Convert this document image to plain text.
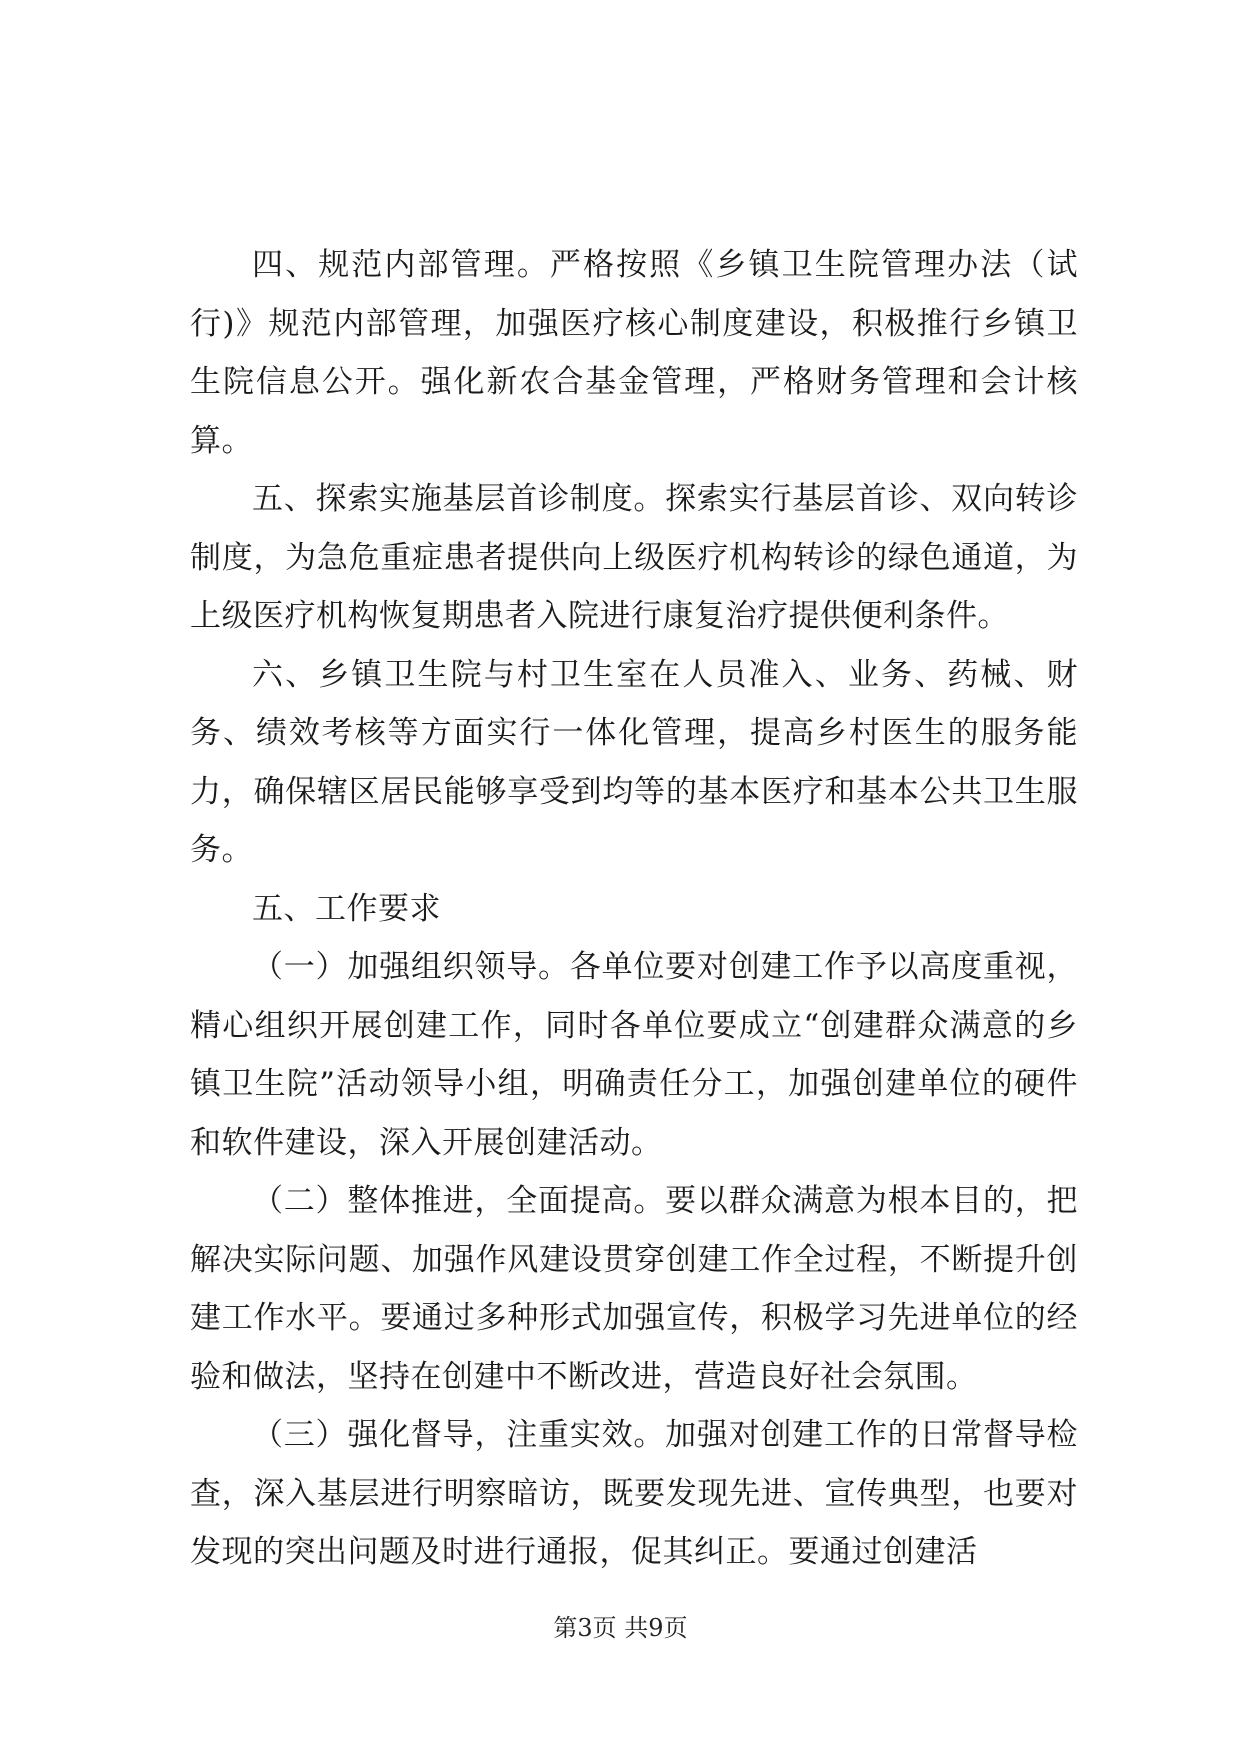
四、规范内部管理。严格按照《乡镇卫生院管理办法（试行)》规范内部管理，加强医疗核心制度建设，积极推行乡镇卫生院信息公开。强化新农合基金管理，严格财务管理和会计核算。

五、探索实施基层首诊制度。探索实行基层首诊、双向转诊制度，为急危重症患者提供向上级医疗机构转诊的绿色通道，为上级医疗机构恢复期患者入院进行康复治疗提供便利条件。

六、乡镇卫生院与村卫生室在人员准入、业务、药械、财务、绩效考核等方面实行一体化管理，提高乡村医生的服务能力，确保辖区居民能够享受到均等的基本医疗和基本公共卫生服务。

五、工作要求

（一）加强组织领导。各单位要对创建工作予以高度重视，精心组织开展创建工作，同时各单位要成立“创建群众满意的乡镇卫生院”活动领导小组，明确责任分工，加强创建单位的硬件和软件建设，深入开展创建活动。

（二）整体推进，全面提高。要以群众满意为根本目的，把解决实际问题、加强作风建设贯穿创建工作全过程，不断提升创建工作水平。要通过多种形式加强宣传，积极学习先进单位的经验和做法，坚持在创建中不断改进，营造良好社会氛围。

（三）强化督导，注重实效。加强对创建工作的日常督导检查，深入基层进行明察暗访，既要发现先进、宣传典型，也要对发现的突出问题及时进行通报，促其纠正。要通过创建活

第3页 共9页
